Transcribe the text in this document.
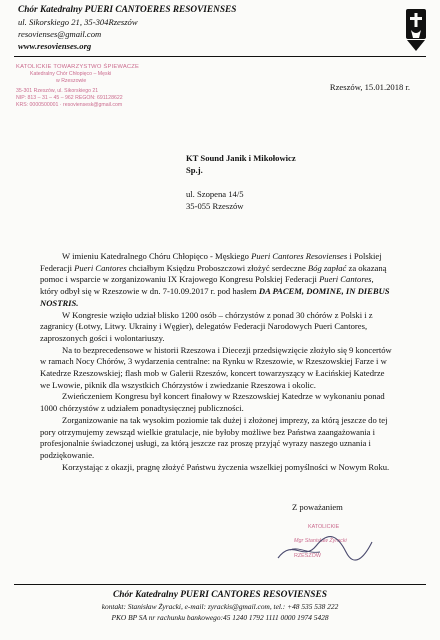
Chór Katedralny PUERI CANTOERES RESOVIENSES
ul. Sikorskiego 21, 35-304Rzeszów
resovienses@gmail.com
www.resovienses.org
KATOLICKIE TOWARZYSTWO ŚPIEWACZE
Katedralny Chór Chłopięco – Męski
w Rzeszowie
35-301 Rzeszów, ul. Sikorskiego 21
NIP: 813 – 31 – 45 – 962 REGON: 691128622
KRS: 0000500001 · resoviensesk@gmail.com
Rzeszów, 15.01.2018 r.
KT Sound Janik i Mikołowicz
Sp.j.
ul. Szopena 14/5
35-055 Rzeszów

W imieniu Katedralnego Chóru Chłopięco - Męskiego Pueri Cantores Resovienses i Polskiej Federacji Pueri Cantores chciałbym Księdzu Proboszczowi złożyć serdeczne Bóg zapłać za okazaną pomoc i wsparcie w zorganizowaniu IX Krajowego Kongresu Polskiej Federacji Pueri Cantores, który odbył się w Rzeszowie w dn. 7-10.09.2017 r. pod hasłem DA PACEM, DOMINE, IN DIEBUS NOSTRIS.

W Kongresie wzięło udział blisko 1200 osób – chórzystów z ponad 30 chórów z Polski i z zagranicy (Łotwy, Litwy. Ukrainy i Węgier), delegatów Federacji Narodowych Pueri Cantores, zaproszonych gości i wolontariuszy.

Na to bezprecedensowe w historii Rzeszowa i Diecezji przedsięwzięcie złożyło się 9 koncertów w ramach Nocy Chórów, 3 wydarzenia centralne: na Rynku w Rzeszowie, w Rzeszowskiej Farze i w Katedrze Rzeszowskiej; flash mob w Galerii Rzeszów, koncert towarzyszący w Łacińskiej Katedrze we Lwowie, piknik dla wszystkich Chórzystów i zwiedzanie Rzeszowa i okolic.

Zwieńczeniem Kongresu był koncert finałowy w Rzeszowskiej Katedrze w wykonaniu ponad 1000 chórzystów z udziałem ponadtysięcznej publiczności.

Zorganizowanie na tak wysokim poziomie tak dużej i złożonej imprezy, za którą jeszcze do tej pory otrzymujemy zewsząd wielkie gratulacje, nie byłoby możliwe bez Państwa zaangażowania i profesjonalnie świadczonej usługi, za którą jeszcze raz proszę przyjąć wyrazy naszego uznania i podziękowanie.

Korzystając z okazji, pragnę złożyć Państwu życzenia wszelkiej pomyślności w Nowym Roku.

Z poważaniem
KATOLICKIE
Mgr Stanisław Żyracki
RZESZÓW
Chór Katedralny PUERI CANTORES RESOVIENSES
kontakt: Stanisław Żyracki, e-mail: zyrackis@gmail.com, tel.: +48 535 538 222
PKO BP SA nr rachunku bankowego:45 1240 1792 1111 0000 1974 5428
